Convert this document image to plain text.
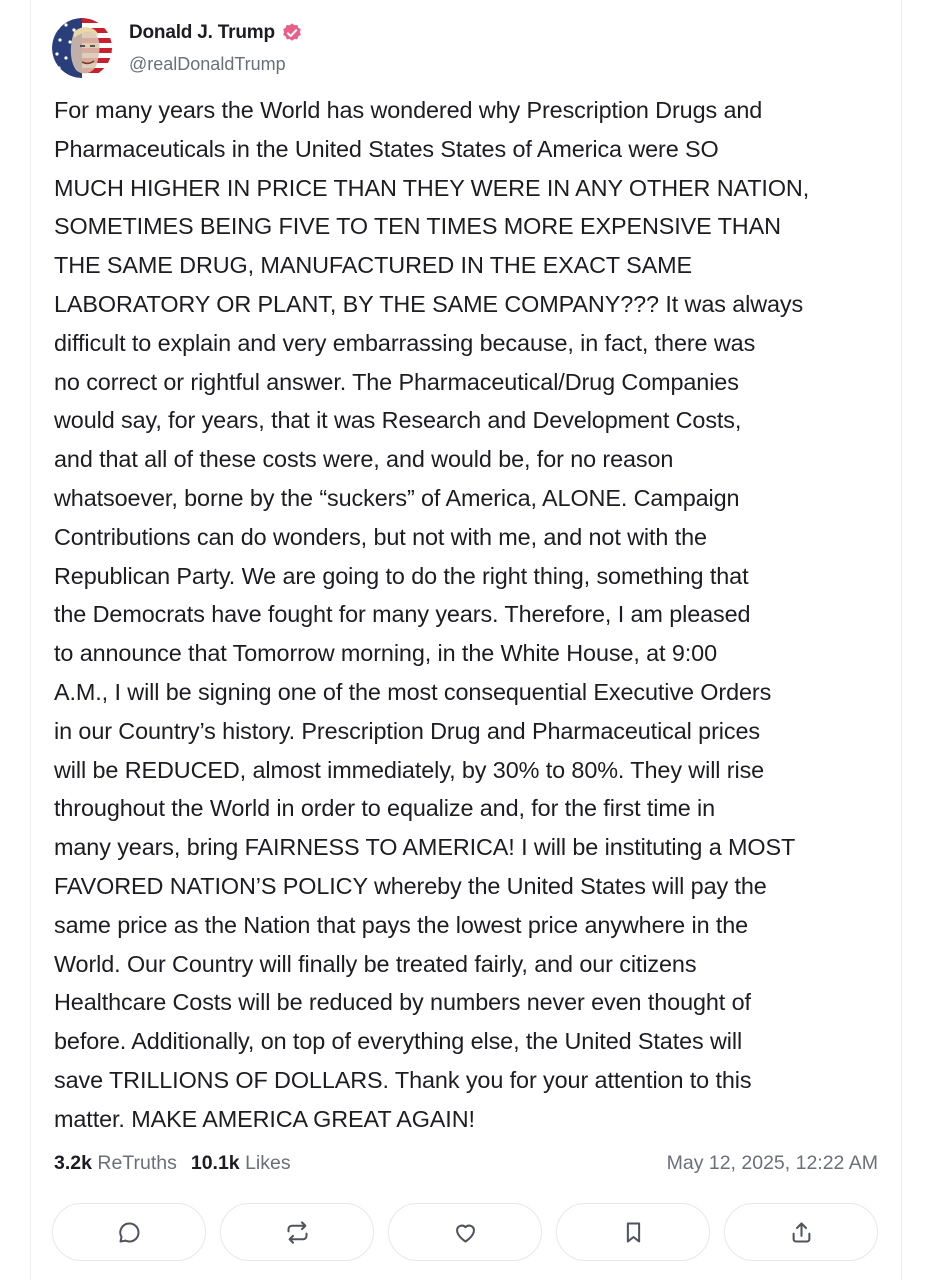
Donald J. Trump
@realDonaldTrump
For many years the World has wondered why Prescription Drugs and
Pharmaceuticals in the United States States of America were SO
MUCH HIGHER IN PRICE THAN THEY WERE IN ANY OTHER NATION,
SOMETIMES BEING FIVE TO TEN TIMES MORE EXPENSIVE THAN
THE SAME DRUG, MANUFACTURED IN THE EXACT SAME
LABORATORY OR PLANT, BY THE SAME COMPANY??? It was always
difficult to explain and very embarrassing because, in fact, there was
no correct or rightful answer. The Pharmaceutical/Drug Companies
would say, for years, that it was Research and Development Costs,
and that all of these costs were, and would be, for no reason
whatsoever, borne by the “suckers” of America, ALONE. Campaign
Contributions can do wonders, but not with me, and not with the
Republican Party. We are going to do the right thing, something that
the Democrats have fought for many years. Therefore, I am pleased
to announce that Tomorrow morning, in the White House, at 9:00
A.M., I will be signing one of the most consequential Executive Orders
in our Country’s history. Prescription Drug and Pharmaceutical prices
will be REDUCED, almost immediately, by 30% to 80%. They will rise
throughout the World in order to equalize and, for the first time in
many years, bring FAIRNESS TO AMERICA! I will be instituting a MOST
FAVORED NATION’S POLICY whereby the United States will pay the
same price as the Nation that pays the lowest price anywhere in the
World. Our Country will finally be treated fairly, and our citizens
Healthcare Costs will be reduced by numbers never even thought of
before. Additionally, on top of everything else, the United States will
save TRILLIONS OF DOLLARS. Thank you for your attention to this
matter. MAKE AMERICA GREAT AGAIN!
3.2k ReTruths 10.1k Likes	May 12, 2025, 12:22 AM
